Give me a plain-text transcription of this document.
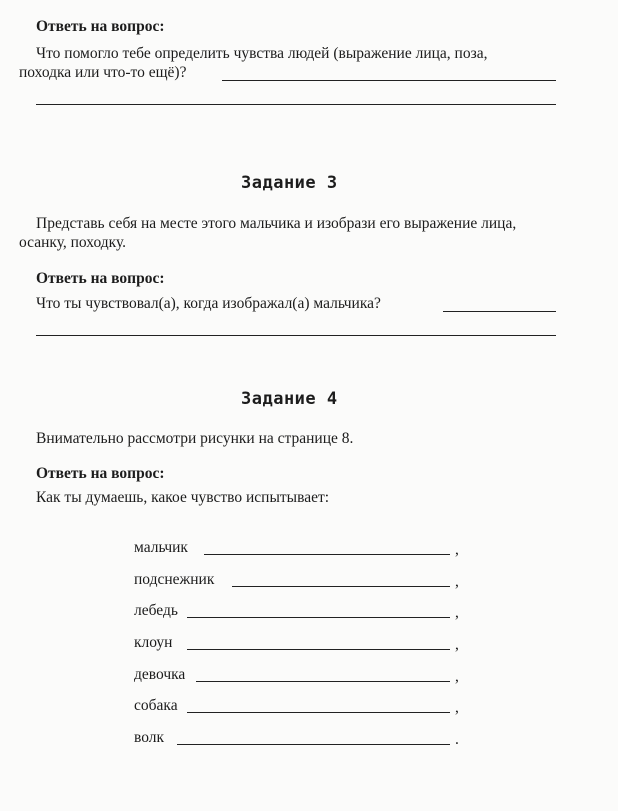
Ответь на вопрос:
Что помогло тебе определить чувства людей (выражение лица, поза,
походка или что-то ещё)?
Задание 3
Представь себя на месте этого мальчика и изобрази его выражение лица,
осанку, походку.
Ответь на вопрос:
Что ты чувствовал(а), когда изображал(а) мальчика?
Задание 4
Внимательно рассмотри рисунки на странице 8.
Ответь на вопрос:
Как ты думаешь, какое чувство испытывает:
мальчик	,
подснежник	,
лебедь	,
клоун	,
девочка	,
собака	,
волк	.
